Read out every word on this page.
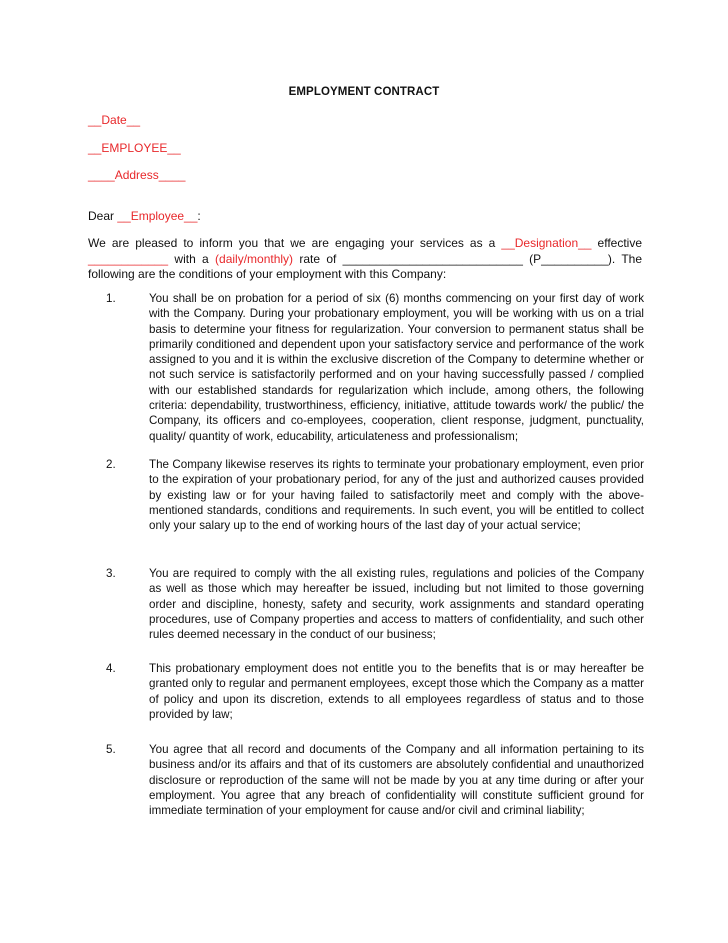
EMPLOYMENT CONTRACT
__Date__
__EMPLOYEE__
____Address____
Dear __Employee__:
We are pleased to inform you that we are engaging your services as a __Designation__ effective
____________ with a (daily/monthly) rate of ___________________________ (P__________). The
following are the conditions of your employment with this Company:
1.	You shall be on probation for a period of six (6) months commencing on your first day of work with the Company. During your probationary employment, you will be working with us on a trial basis to determine your fitness for regularization. Your conversion to permanent status shall be primarily conditioned and dependent upon your satisfactory service and performance of the work assigned to you and it is within the exclusive discretion of the Company to determine whether or not such service is satisfactorily performed and on your having successfully passed / complied with our established standards for regularization which include, among others, the following criteria: dependability, trustworthiness, efficiency, initiative, attitude towards work/ the public/ the Company, its officers and co-employees, cooperation, client response, judgment, punctuality, quality/ quantity of work, educability, articulateness and professionalism;
2.	The Company likewise reserves its rights to terminate your probationary employment, even prior to the expiration of your probationary period, for any of the just and authorized causes provided by existing law or for your having failed to satisfactorily meet and comply with the above-mentioned standards, conditions and requirements. In such event, you will be entitled to collect only your salary up to the end of working hours of the last day of your actual service;
3.	You are required to comply with the all existing rules, regulations and policies of the Company as well as those which may hereafter be issued, including but not limited to those governing order and discipline, honesty, safety and security, work assignments and standard operating procedures, use of Company properties and access to matters of confidentiality, and such other rules deemed necessary in the conduct of our business;
4.	This probationary employment does not entitle you to the benefits that is or may hereafter be granted only to regular and permanent employees, except those which the Company as a matter of policy and upon its discretion, extends to all employees regardless of status and to those provided by law;
5.	You agree that all record and documents of the Company and all information pertaining to its business and/or its affairs and that of its customers are absolutely confidential and unauthorized disclosure or reproduction of the same will not be made by you at any time during or after your employment. You agree that any breach of confidentiality will constitute sufficient ground for immediate termination of your employment for cause and/or civil and criminal liability;
